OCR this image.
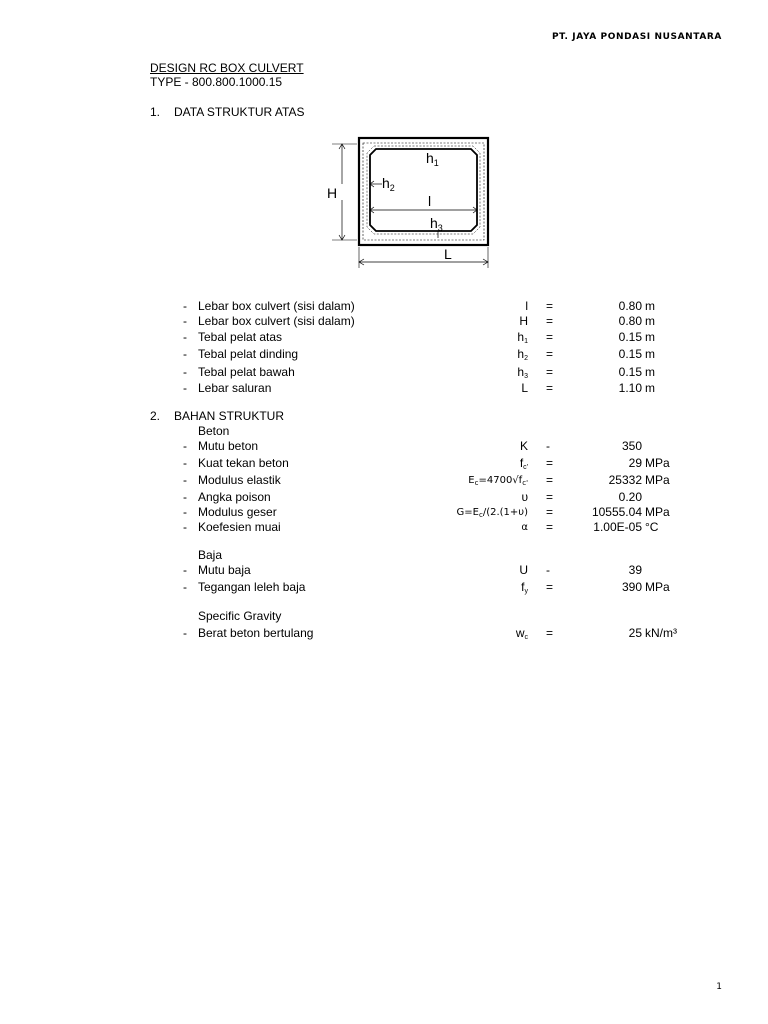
PT. JAYA PONDASI NUSANTARA
DESIGN RC BOX CULVERT
TYPE - 800.800.1000.15
1. DATA STRUKTUR ATAS
H
$h_1$
$h_2$
l
$h_3$
L
2. BAHAN STRUKTUR
Beton
Baja
Specific Gravity
1
- Lebar box culvert (sisi dalam)	l =	0.80 m
- Lebar box culvert (sisi dalam)	H =	0.80 m
- Tebal pelat atas	$h_1$ =	0.15 m
- Tebal pelat dinding	$h_2$ =	0.15 m
- Tebal pelat bawah	$h_3$ =	0.15 m
- Lebar saluran	L =	1.10 m
- Mutu beton	K -	350
- Kuat tekan beton	$f_{c'}$ =	29 MPa
- Modulus elastik	$E_c=4700√f_{c'}$ =	25332 MPa
- Angka poison	υ =	0.20
- Modulus geser	$G=E_c/(2.(1+\upsilon)$ =	10555.04 MPa
- Koefesien muai	α =	1.00E-05 °C
- Mutu baja	U -	39
- Tegangan leleh baja	$f_y$ =	390 MPa
- Berat beton bertulang	$w_c$ =	25 kN/m³
